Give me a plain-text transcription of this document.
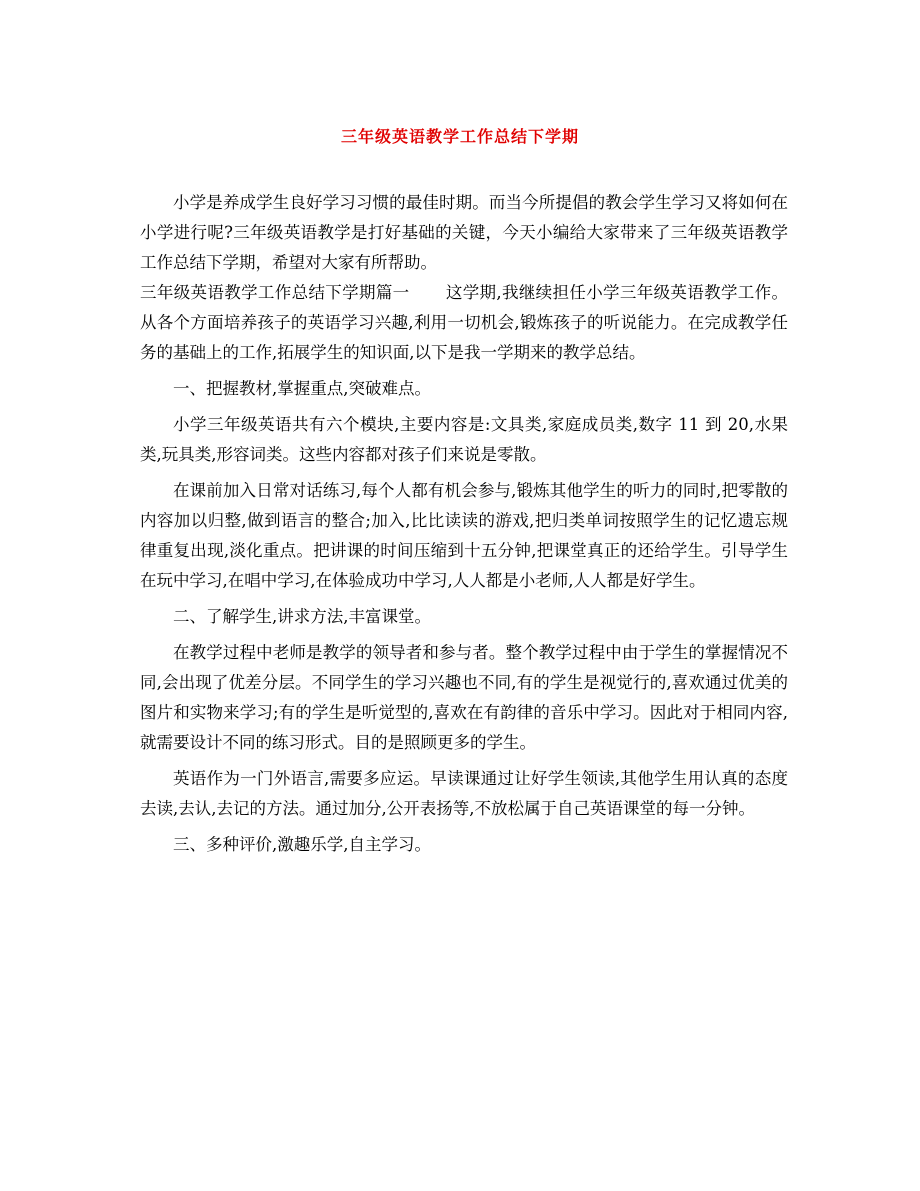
三年级英语教学工作总结下学期

小学是养成学生良好学习习惯的最佳时期。而当今所提倡的教会学生学习又将如何在小学进行呢?三年级英语教学是打好基础的关键，今天小编给大家带来了三年级英语教学工作总结下学期，希望对大家有所帮助。

三年级英语教学工作总结下学期篇一 这学期,我继续担任小学三年级英语教学工作。从各个方面培养孩子的英语学习兴趣,利用一切机会,锻炼孩子的听说能力。在完成教学任务的基础上的工作,拓展学生的知识面,以下是我一学期来的教学总结。

一、把握教材,掌握重点,突破难点。

小学三年级英语共有六个模块,主要内容是:文具类,家庭成员类,数字 11 到 20,水果类,玩具类,形容词类。这些内容都对孩子们来说是零散。

在课前加入日常对话练习,每个人都有机会参与,锻炼其他学生的听力的同时,把零散的内容加以归整,做到语言的整合;加入,比比读读的游戏,把归类单词按照学生的记忆遗忘规律重复出现,淡化重点。把讲课的时间压缩到十五分钟,把课堂真正的还给学生。引导学生在玩中学习,在唱中学习,在体验成功中学习,人人都是小老师,人人都是好学生。

二、了解学生,讲求方法,丰富课堂。

在教学过程中老师是教学的领导者和参与者。整个教学过程中由于学生的掌握情况不同,会出现了优差分层。不同学生的学习兴趣也不同,有的学生是视觉行的,喜欢通过优美的图片和实物来学习;有的学生是听觉型的,喜欢在有韵律的音乐中学习。因此对于相同内容,就需要设计不同的练习形式。目的是照顾更多的学生。

英语作为一门外语言,需要多应运。早读课通过让好学生领读,其他学生用认真的态度去读,去认,去记的方法。通过加分,公开表扬等,不放松属于自己英语课堂的每一分钟。

三、多种评价,激趣乐学,自主学习。
